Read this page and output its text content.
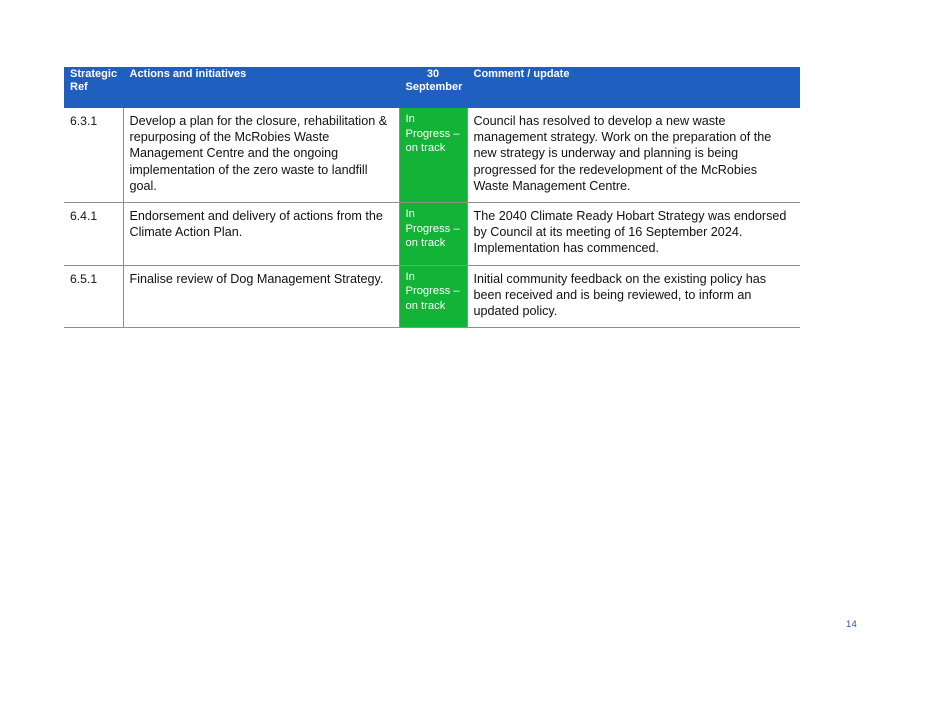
Strategic Ref	Actions and initiatives	30 September	Comment / update
6.3.1	Develop a plan for the closure, rehabilitation & repurposing of the McRobies Waste Management Centre and the ongoing implementation of the zero waste to landfill goal.	In Progress – on track	Council has resolved to develop a new waste management strategy. Work on the preparation of the new strategy is underway and planning is being progressed for the redevelopment of the McRobies Waste Management Centre.
6.4.1	Endorsement and delivery of actions from the Climate Action Plan.	In Progress – on track	The 2040 Climate Ready Hobart Strategy was endorsed by Council at its meeting of 16 September 2024. Implementation has commenced.
6.5.1	Finalise review of Dog Management Strategy.	In Progress – on track	Initial community feedback on the existing policy has been received and is being reviewed, to inform an updated policy.
14
